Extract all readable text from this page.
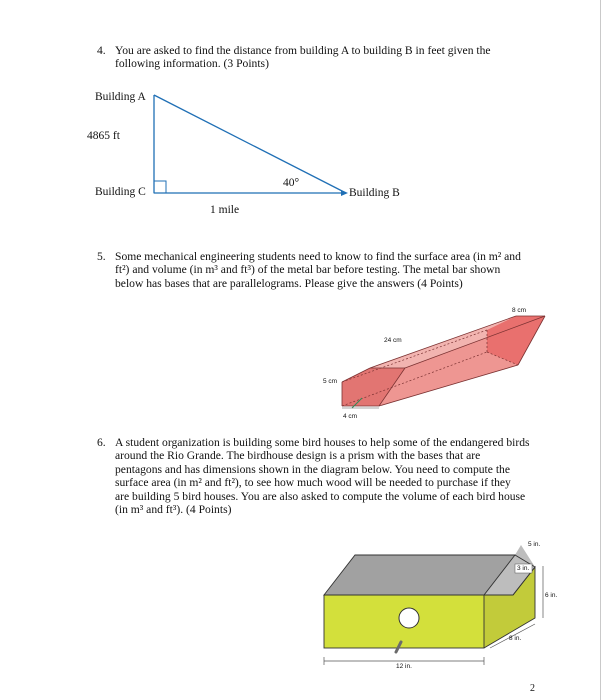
4. You are asked to find the distance from building A to building B in feet given the
following information. (3 Points)
Building A
4865 ft
Building C	Building B
40°
1 mile
5. Some mechanical engineering students need to know to find the surface area (in m² and
ft²) and volume (in m³ and ft³) of the metal bar before testing. The metal bar shown
below has bases that are parallelograms. Please give the answers (4 Points)
8 cm
24 cm
5 cm
4 cm
6. A student organization is building some bird houses to help some of the endangered birds
around the Rio Grande. The birdhouse design is a prism with the bases that are
pentagons and has dimensions shown in the diagram below. You need to compute the
surface area (in m² and ft²), to see how much wood will be needed to purchase if they
are building 5 bird houses. You are also asked to compute the volume of each bird house
(in m³ and ft³). (4 Points)
5 in.
3 in.
6 in.
8 in.
12 in.
2
